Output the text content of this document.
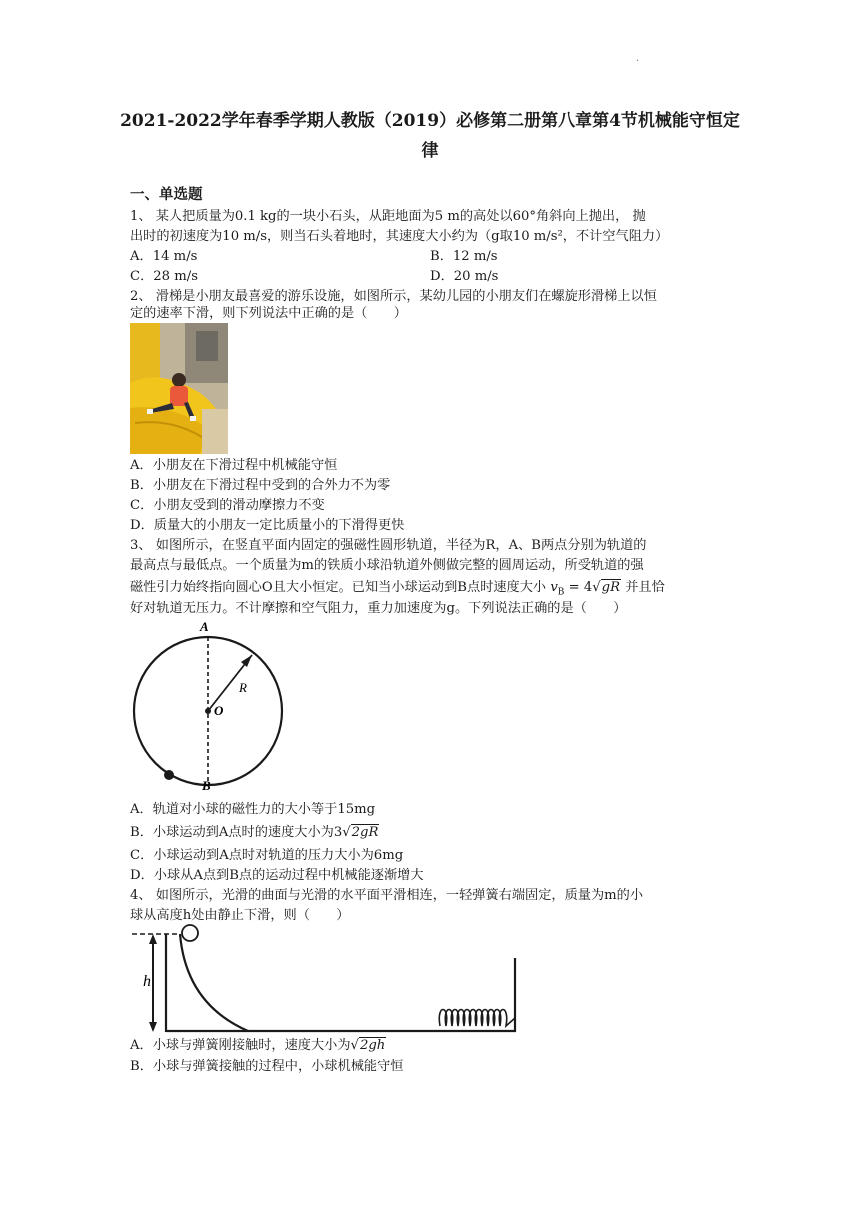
·
2021-2022学年春季学期人教版（2019）必修第二册第八章第4节机械能守恒定律
一、单选题
1、 某人把质量为0.1 kg的一块小石头，从距地面为5 m的高处以60°角斜向上抛出， 抛
出时的初速度为10 m/s，则当石头着地时，其速度大小约为（g取10 m/s²，不计空气阻力）
A．14 m/s	B．12 m/s
C．28 m/s	D．20 m/s
2、 滑梯是小朋友最喜爱的游乐设施，如图所示，某幼儿园的小朋友们在螺旋形滑梯上以恒
定的速率下滑，则下列说法中正确的是（　　）
A．小朋友在下滑过程中机械能守恒
B．小朋友在下滑过程中受到的合外力不为零
C．小朋友受到的滑动摩擦力不变
D．质量大的小朋友一定比质量小的下滑得更快
3、 如图所示，在竖直平面内固定的强磁性圆形轨道，半径为R，A、B两点分别为轨道的
最高点与最低点。一个质量为m的铁质小球沿轨道外侧做完整的圆周运动，所受轨道的强
磁性引力始终指向圆心O且大小恒定。已知当小球运动到B点时速度大小 $v_B = 4√gR$ 并且恰
好对轨道无压力。不计摩擦和空气阻力，重力加速度为g。下列说法正确的是（　　）
A
B
O
R
A．轨道对小球的磁性力的大小等于15mg
B．小球运动到A点时的速度大小为3√2gR
C．小球运动到A点时对轨道的压力大小为6mg
D．小球从A点到B点的运动过程中机械能逐渐增大
4、 如图所示，光滑的曲面与光滑的水平面平滑相连，一轻弹簧右端固定，质量为m的小
球从高度h处由静止下滑，则（　　）
h
A．小球与弹簧刚接触时，速度大小为√2gh
B．小球与弹簧接触的过程中，小球机械能守恒
